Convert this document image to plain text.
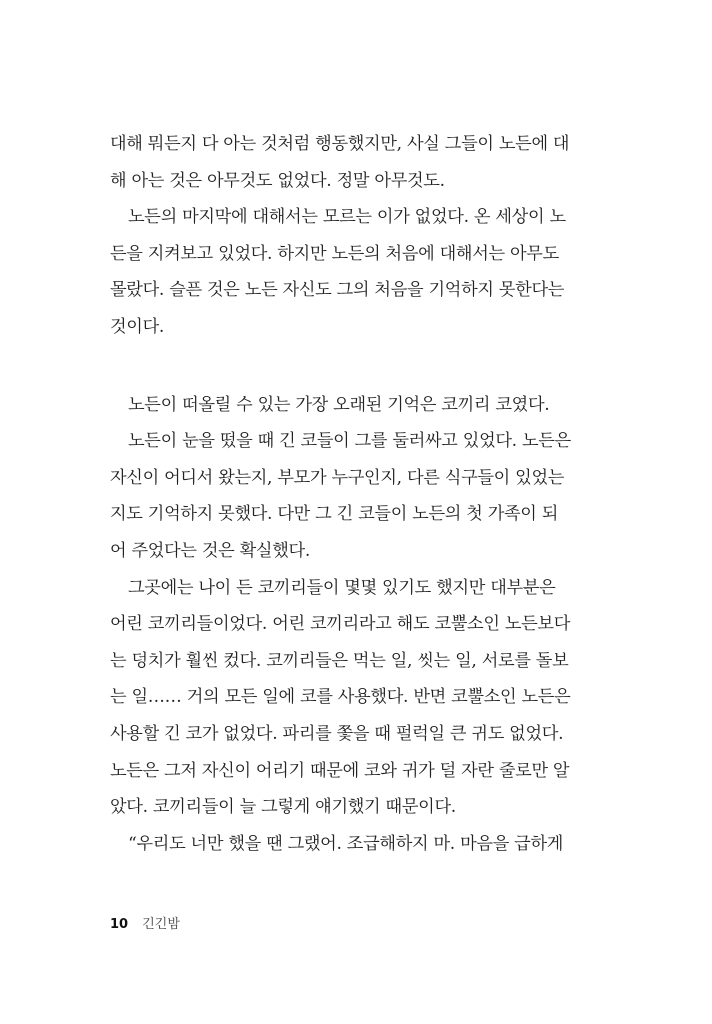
대해 뭐든지 다 아는 것처럼 행동했지만, 사실 그들이 노든에 대
해 아는 것은 아무것도 없었다. 정말 아무것도.
노든의 마지막에 대해서는 모르는 이가 없었다. 온 세상이 노
든을 지켜보고 있었다. 하지만 노든의 처음에 대해서는 아무도
몰랐다. 슬픈 것은 노든 자신도 그의 처음을 기억하지 못한다는
것이다.
노든이 떠올릴 수 있는 가장 오래된 기억은 코끼리 코였다.
노든이 눈을 떴을 때 긴 코들이 그를 둘러싸고 있었다. 노든은
자신이 어디서 왔는지, 부모가 누구인지, 다른 식구들이 있었는
지도 기억하지 못했다. 다만 그 긴 코들이 노든의 첫 가족이 되
어 주었다는 것은 확실했다.
그곳에는 나이 든 코끼리들이 몇몇 있기도 했지만 대부분은
어린 코끼리들이었다. 어린 코끼리라고 해도 코뿔소인 노든보다
는 덩치가 훨씬 컸다. 코끼리들은 먹는 일, 씻는 일, 서로를 돌보
는 일…… 거의 모든 일에 코를 사용했다. 반면 코뿔소인 노든은
사용할 긴 코가 없었다. 파리를 쫓을 때 펄럭일 큰 귀도 없었다.
노든은 그저 자신이 어리기 때문에 코와 귀가 덜 자란 줄로만 알
았다. 코끼리들이 늘 그렇게 얘기했기 때문이다.
“우리도 너만 했을 땐 그랬어. 조급해하지 마. 마음을 급하게
10 긴긴밤
